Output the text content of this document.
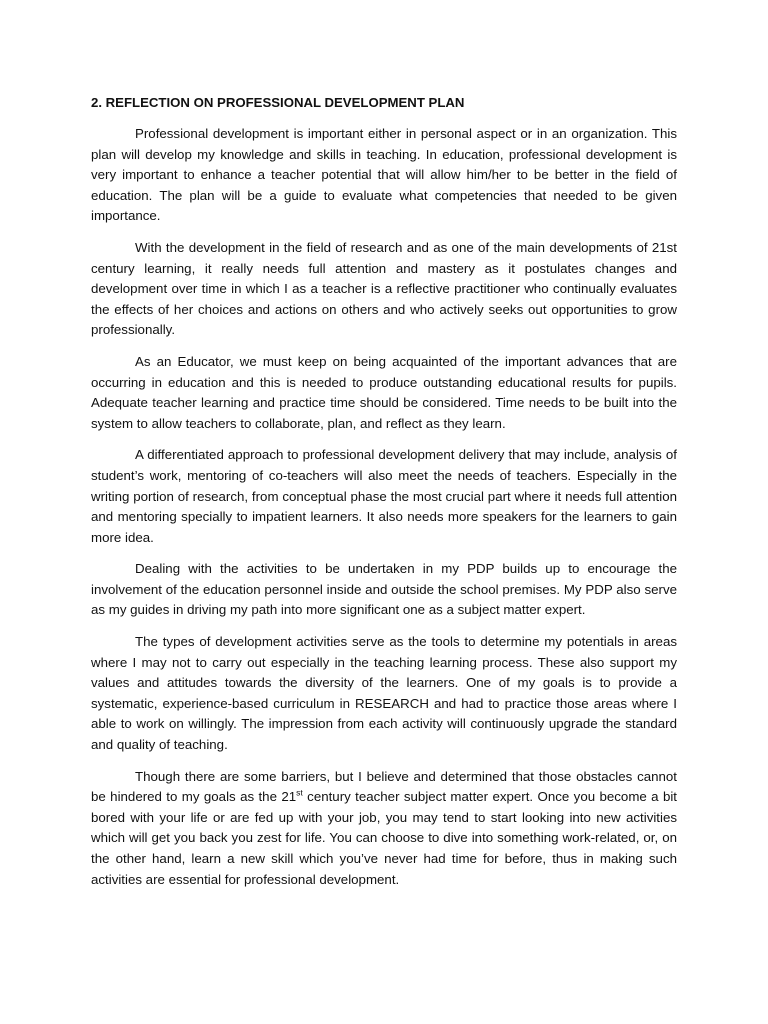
2. REFLECTION ON PROFESSIONAL DEVELOPMENT PLAN

Professional development is important either in personal aspect or in an organization. This plan will develop my knowledge and skills in teaching. In education, professional development is very important to enhance a teacher potential that will allow him/her to be better in the field of education. The plan will be a guide to evaluate what competencies that needed to be given importance.

With the development in the field of research and as one of the main developments of 21st century learning, it really needs full attention and mastery as it postulates changes and development over time in which I as a teacher is a reflective practitioner who continually evaluates the effects of her choices and actions on others and who actively seeks out opportunities to grow professionally.

As an Educator, we must keep on being acquainted of the important advances that are occurring in education and this is needed to produce outstanding educational results for pupils. Adequate teacher learning and practice time should be considered. Time needs to be built into the system to allow teachers to collaborate, plan, and reflect as they learn.

A differentiated approach to professional development delivery that may include, analysis of student’s work, mentoring of co-teachers will also meet the needs of teachers. Especially in the writing portion of research, from conceptual phase the most crucial part where it needs full attention and mentoring specially to impatient learners. It also needs more speakers for the learners to gain more idea.

Dealing with the activities to be undertaken in my PDP builds up to encourage the involvement of the education personnel inside and outside the school premises. My PDP also serve as my guides in driving my path into more significant one as a subject matter expert.

The types of development activities serve as the tools to determine my potentials in areas where I may not to carry out especially in the teaching learning process. These also support my values and attitudes towards the diversity of the learners. One of my goals is to provide a systematic, experience-based curriculum in RESEARCH and had to practice those areas where I able to work on willingly. The impression from each activity will continuously upgrade the standard and quality of teaching.

Though there are some barriers, but I believe and determined that those obstacles cannot be hindered to my goals as the 21st century teacher subject matter expert. Once you become a bit bored with your life or are fed up with your job, you may tend to start looking into new activities which will get you back you zest for life. You can choose to dive into something work-related, or, on the other hand, learn a new skill which you’ve never had time for before, thus in making such activities are essential for professional development.
